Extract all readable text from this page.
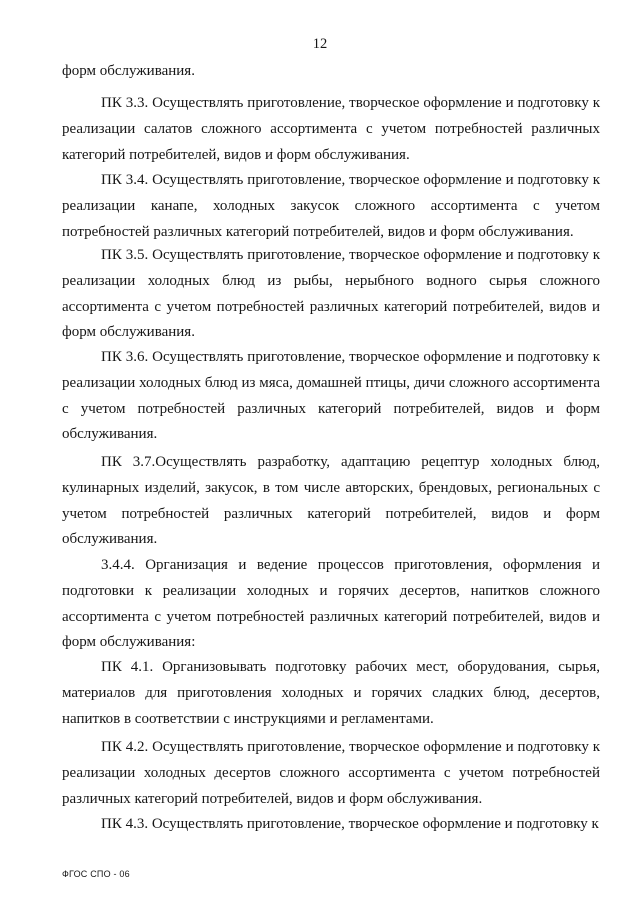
12

форм обслуживания.

ПК 3.3. Осуществлять приготовление, творческое оформление и подготовку к реализации салатов сложного ассортимента с учетом потребностей различных категорий потребителей, видов и форм обслуживания.

ПК 3.4. Осуществлять приготовление, творческое оформление и подготовку к реализации канапе, холодных закусок сложного ассортимента с учетом потребностей различных категорий потребителей, видов и форм обслуживания.

ПК 3.5. Осуществлять приготовление, творческое оформление и подготовку к реализации холодных блюд из рыбы, нерыбного водного сырья сложного ассортимента с учетом потребностей различных категорий потребителей, видов и форм обслуживания.

ПК 3.6. Осуществлять приготовление, творческое оформление и подготовку к реализации холодных блюд из мяса, домашней птицы, дичи сложного ассортимента с учетом потребностей различных категорий потребителей, видов и форм обслуживания.

ПК 3.7.Осуществлять разработку, адаптацию рецептур холодных блюд, кулинарных изделий, закусок, в том числе авторских, брендовых, региональных с учетом потребностей различных категорий потребителей, видов и форм обслуживания.

3.4.4. Организация и ведение процессов приготовления, оформления и подготовки к реализации холодных и горячих десертов, напитков сложного ассортимента с учетом потребностей различных категорий потребителей, видов и форм обслуживания:

ПК 4.1. Организовывать подготовку рабочих мест, оборудования, сырья, материалов для приготовления холодных и горячих сладких блюд, десертов, напитков в соответствии с инструкциями и регламентами.

ПК 4.2. Осуществлять приготовление, творческое оформление и подготовку к реализации холодных десертов сложного ассортимента с учетом потребностей различных категорий потребителей, видов и форм обслуживания.

ПК 4.3. Осуществлять приготовление, творческое оформление и подготовку к

ФГОС СПО - 06
